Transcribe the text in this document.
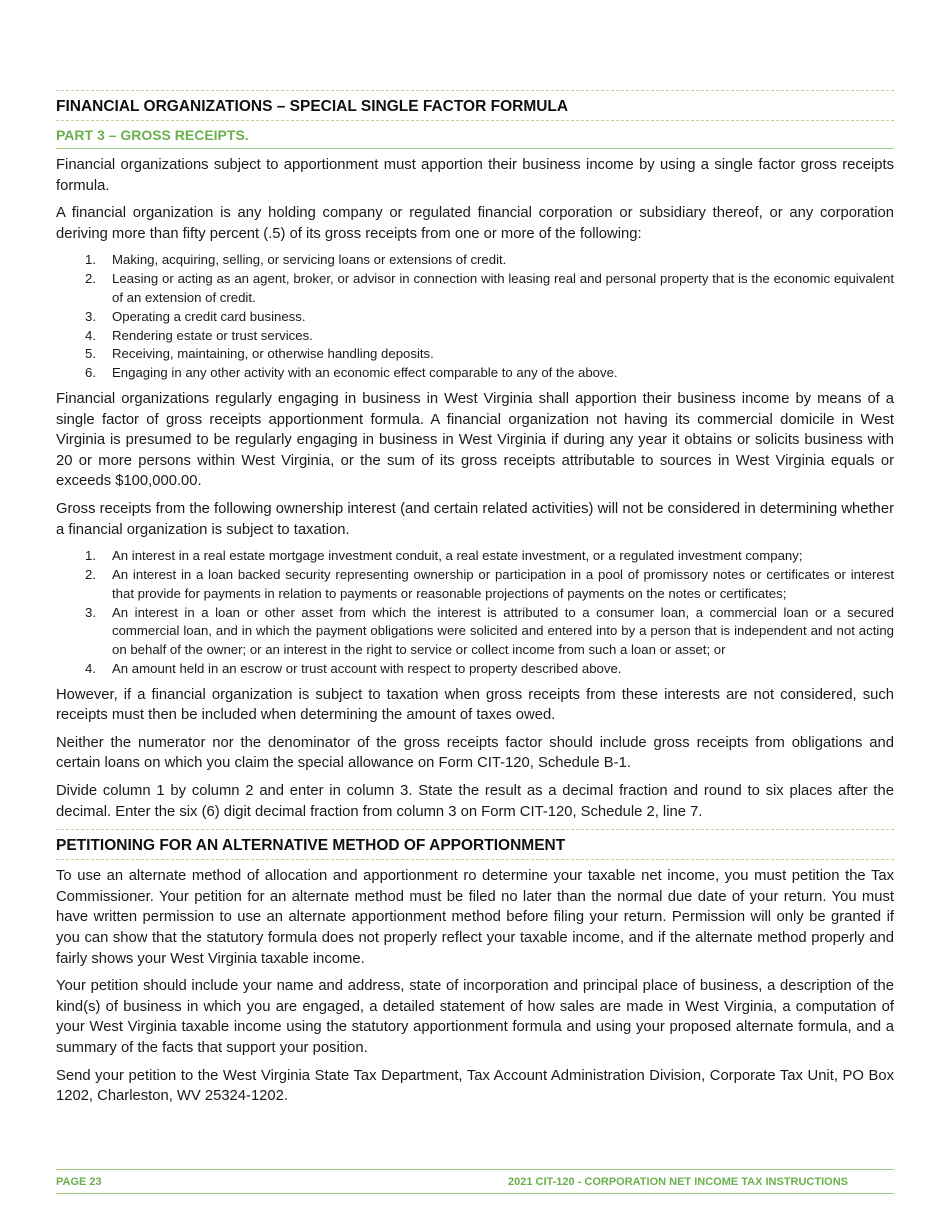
FINANCIAL ORGANIZATIONS – SPECIAL SINGLE FACTOR FORMULA
PART 3 – GROSS RECEIPTS.

Financial organizations subject to apportionment must apportion their business income by using a single factor gross receipts formula.

A financial organization is any holding company or regulated financial corporation or subsidiary thereof, or any corporation deriving more than fifty percent (.5) of its gross receipts from one or more of the following:

1. Making, acquiring, selling, or servicing loans or extensions of credit.
2. Leasing or acting as an agent, broker, or advisor in connection with leasing real and personal property that is the economic equivalent of an extension of credit.
3. Operating a credit card business.
4. Rendering estate or trust services.
5. Receiving, maintaining, or otherwise handling deposits.
6. Engaging in any other activity with an economic effect comparable to any of the above.

Financial organizations regularly engaging in business in West Virginia shall apportion their business income by means of a single factor of gross receipts apportionment formula. A financial organization not having its commercial domicile in West Virginia is presumed to be regularly engaging in business in West Virginia if during any year it obtains or solicits business with 20 or more persons within West Virginia, or the sum of its gross receipts attributable to sources in West Virginia equals or exceeds $100,000.00.

Gross receipts from the following ownership interest (and certain related activities) will not be considered in determining whether a financial organization is subject to taxation.

1. An interest in a real estate mortgage investment conduit, a real estate investment, or a regulated investment company;
2. An interest in a loan backed security representing ownership or participation in a pool of promissory notes or certificates or interest that provide for payments in relation to payments or reasonable projections of payments on the notes or certificates;
3. An interest in a loan or other asset from which the interest is attributed to a consumer loan, a commercial loan or a secured commercial loan, and in which the payment obligations were solicited and entered into by a person that is independent and not acting on behalf of the owner; or an interest in the right to service or collect income from such a loan or asset; or
4. An amount held in an escrow or trust account with respect to property described above.

However, if a financial organization is subject to taxation when gross receipts from these interests are not considered, such receipts must then be included when determining the amount of taxes owed.

Neither the numerator nor the denominator of the gross receipts factor should include gross receipts from obligations and certain loans on which you claim the special allowance on Form CIT-120, Schedule B-1.

Divide column 1 by column 2 and enter in column 3. State the result as a decimal fraction and round to six places after the decimal. Enter the six (6) digit decimal fraction from column 3 on Form CIT-120, Schedule 2, line 7.

PETITIONING FOR AN ALTERNATIVE METHOD OF APPORTIONMENT

To use an alternate method of allocation and apportionment ro determine your taxable net income, you must petition the Tax Commissioner. Your petition for an alternate method must be filed no later than the normal due date of your return. You must have written permission to use an alternate apportionment method before filing your return. Permission will only be granted if you can show that the statutory formula does not properly reflect your taxable income, and if the alternate method properly and fairly shows your West Virginia taxable income.

Your petition should include your name and address, state of incorporation and principal place of business, a description of the kind(s) of business in which you are engaged, a detailed statement of how sales are made in West Virginia, a computation of your West Virginia taxable income using the statutory apportionment formula and using your proposed alternate formula, and a summary of the facts that support your position.

Send your petition to the West Virginia State Tax Department, Tax Account Administration Division, Corporate Tax Unit, PO Box 1202, Charleston, WV 25324-1202.

PAGE 23	2021 CIT-120 - CORPORATION NET INCOME TAX INSTRUCTIONS
